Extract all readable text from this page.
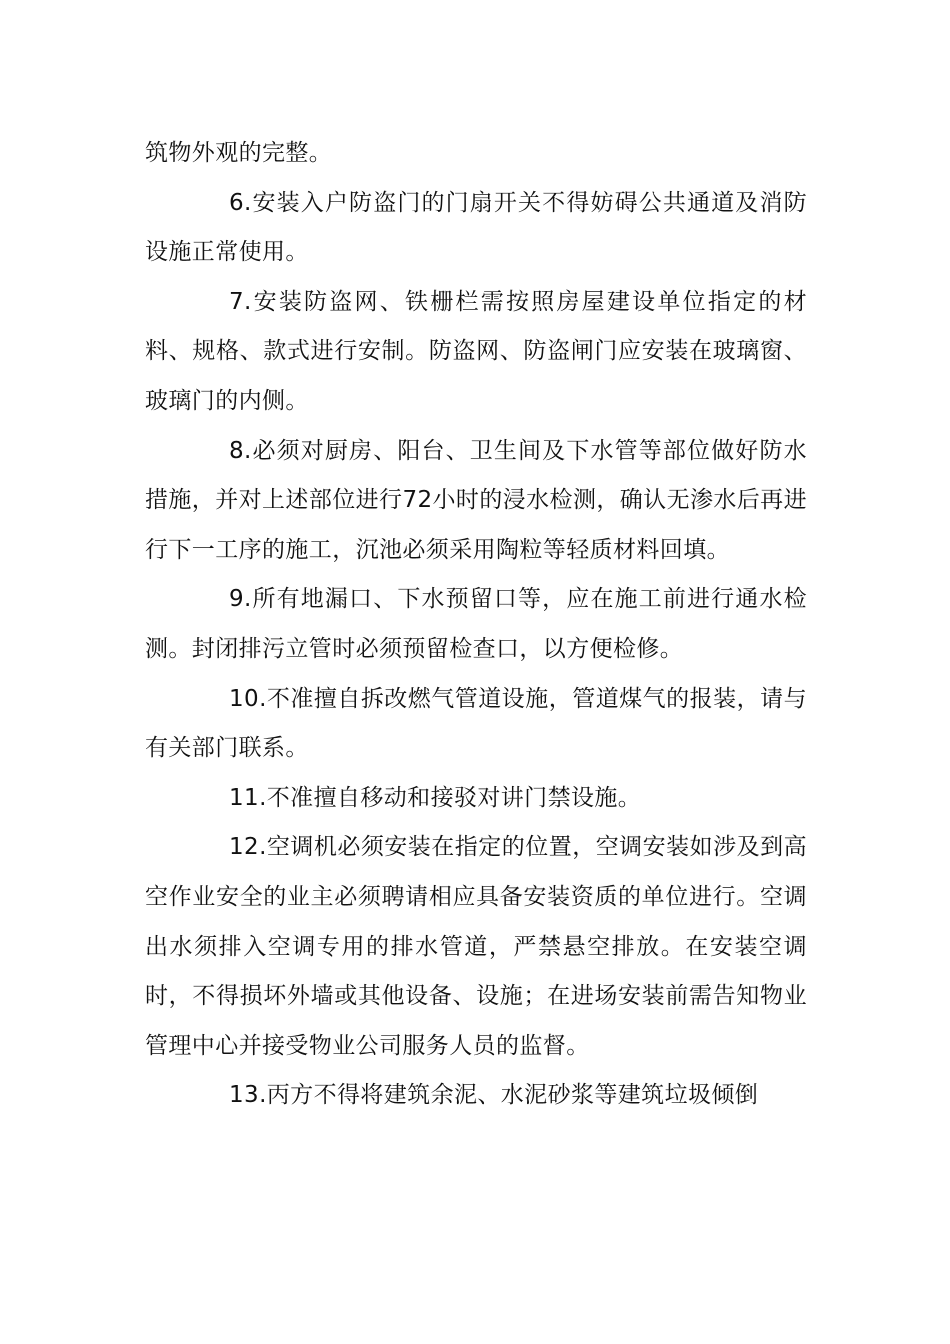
筑物外观的完整。

6.安装入户防盗门的门扇开关不得妨碍公共通道及消防设施正常使用。

7.安装防盗网、铁栅栏需按照房屋建设单位指定的材料、规格、款式进行安制。防盗网、防盗闸门应安装在玻璃窗、玻璃门的内侧。

8.必须对厨房、阳台、卫生间及下水管等部位做好防水措施，并对上述部位进行72小时的浸水检测，确认无渗水后再进行下一工序的施工，沉池必须采用陶粒等轻质材料回填。

9.所有地漏口、下水预留口等，应在施工前进行通水检测。封闭排污立管时必须预留检查口，以方便检修。

10.不准擅自拆改燃气管道设施，管道煤气的报装，请与有关部门联系。

11.不准擅自移动和接驳对讲门禁设施。

12.空调机必须安装在指定的位置，空调安装如涉及到高空作业安全的业主必须聘请相应具备安装资质的单位进行。空调出水须排入空调专用的排水管道，严禁悬空排放。在安装空调时，不得损坏外墙或其他设备、设施；在进场安装前需告知物业管理中心并接受物业公司服务人员的监督。

13.丙方不得将建筑余泥、水泥砂浆等建筑垃圾倾倒
